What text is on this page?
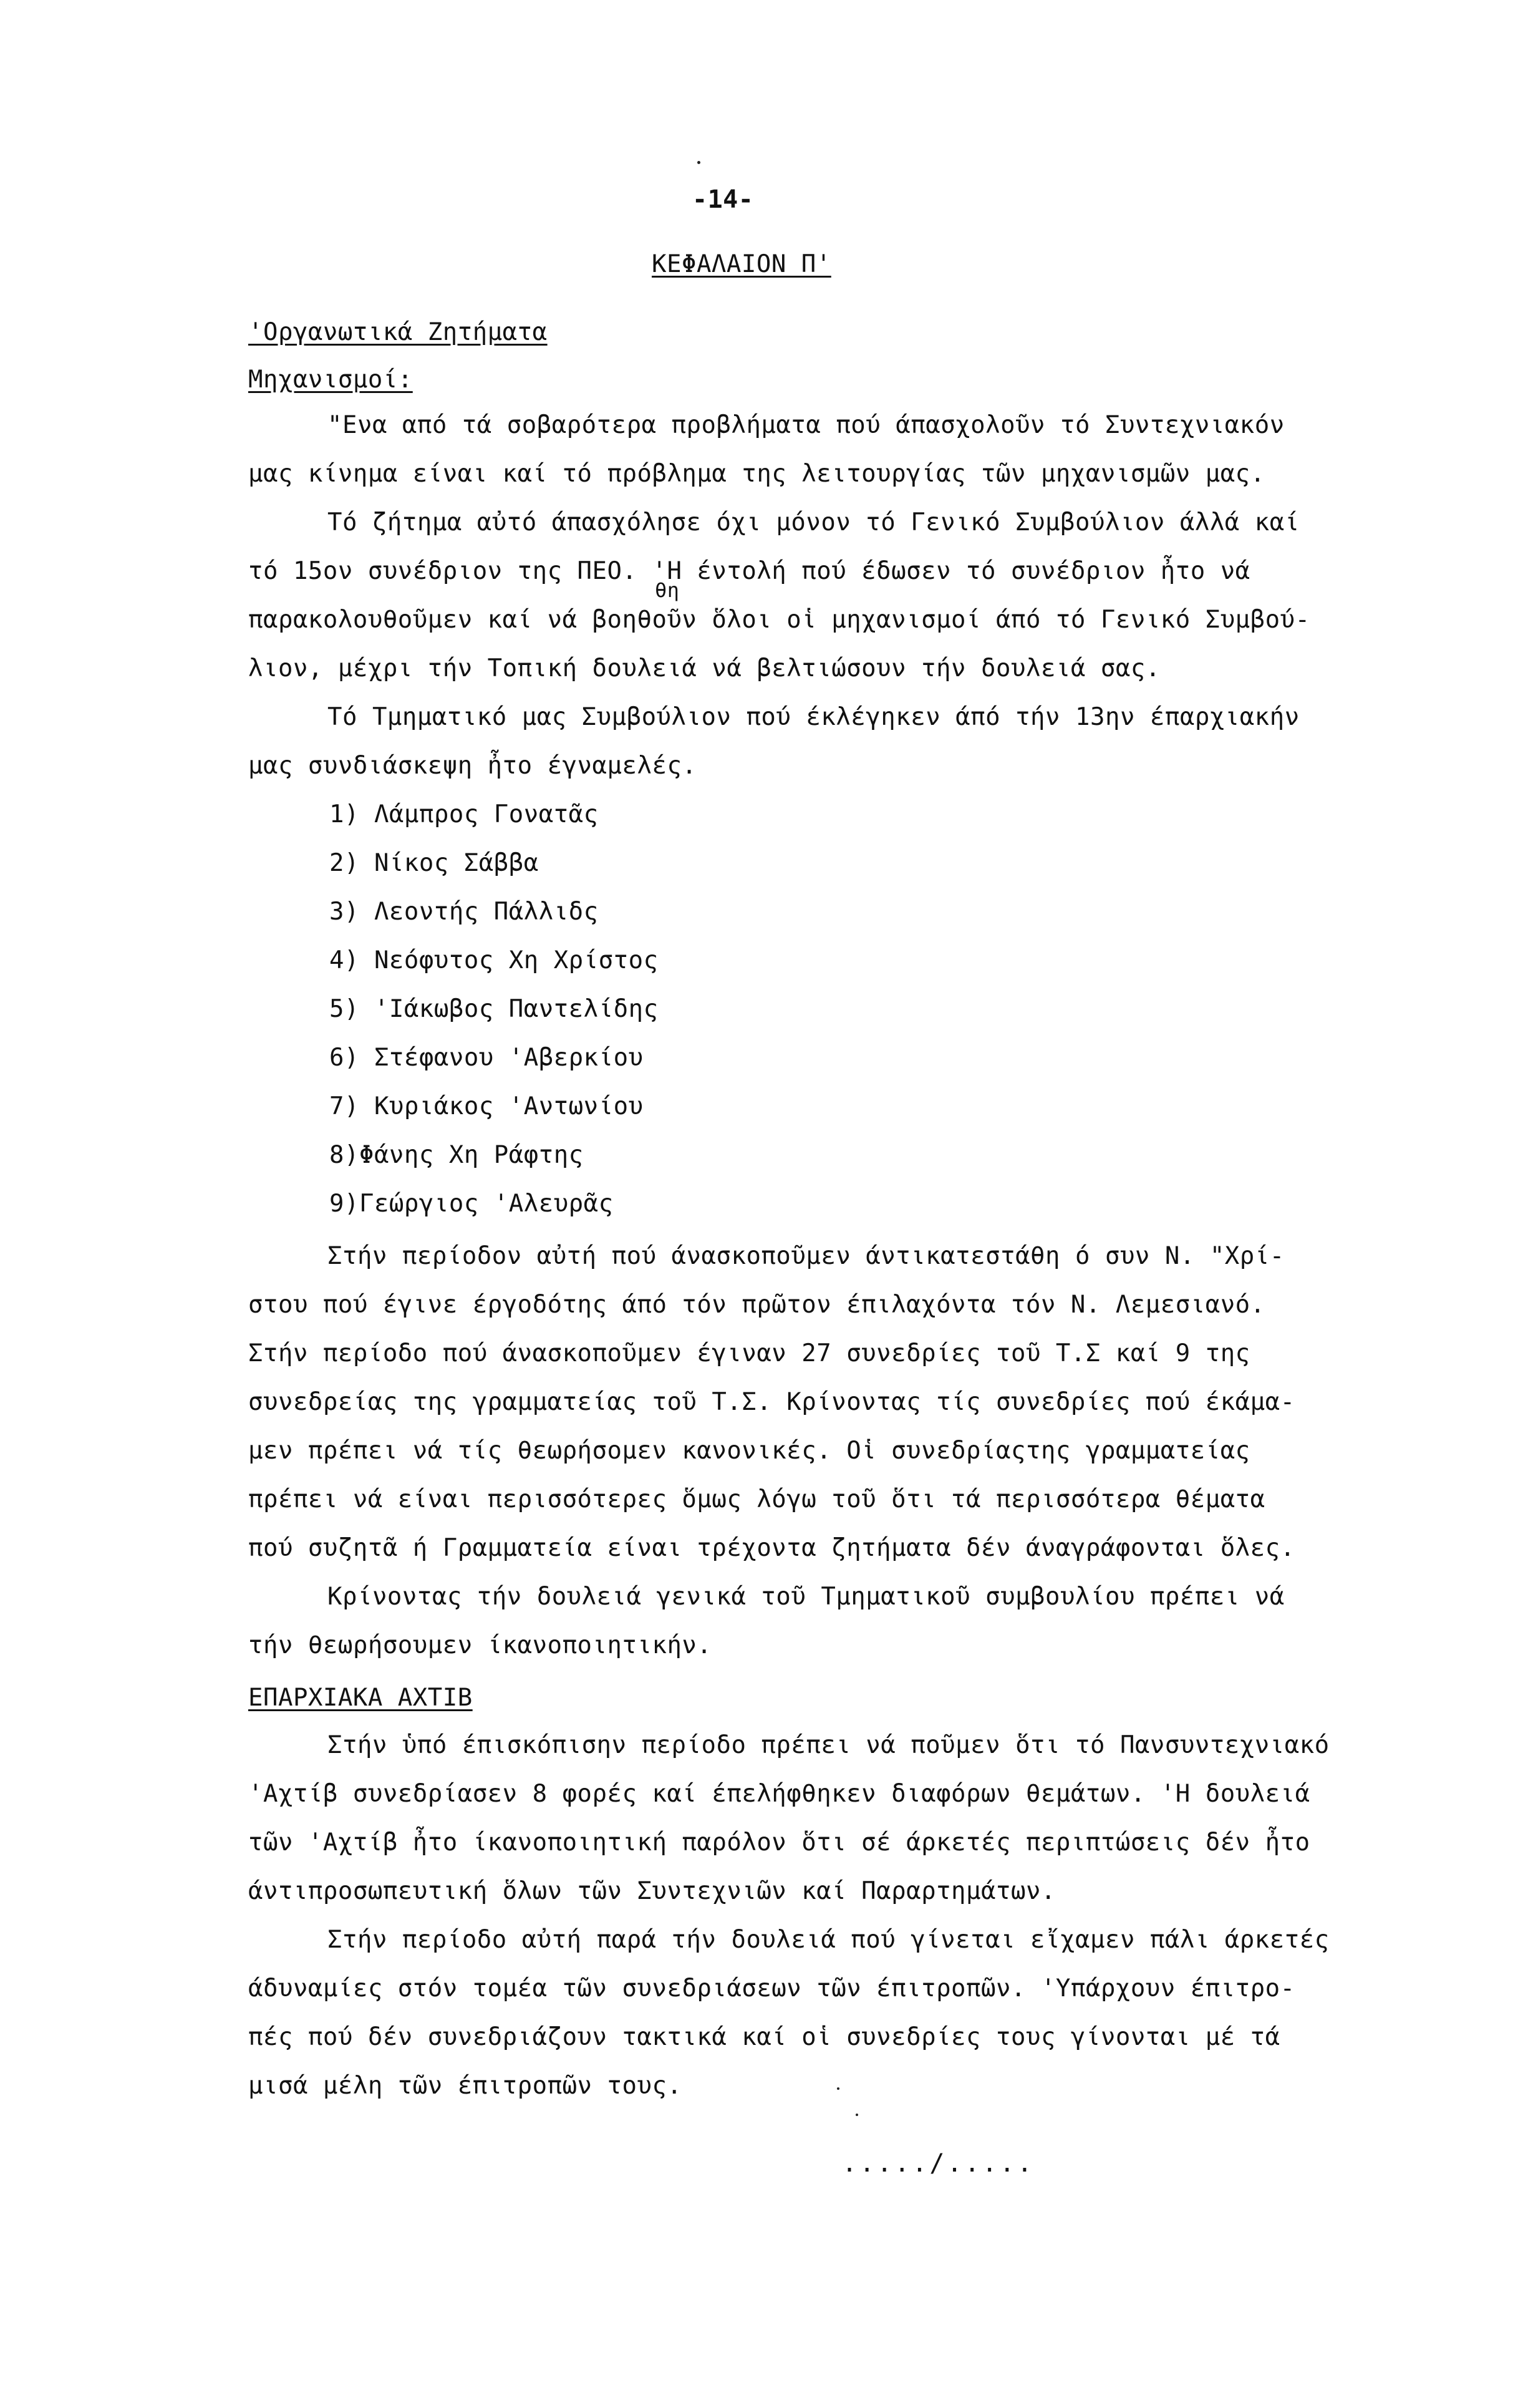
-14-
ΚΕΦΑΛΑΙΟΝ Π'
'Οργανωτικά Ζητήματα
Μηχανισμοί:
"Ενα από τά σοβαρότερα προβλήματα πού άπασχολοῦν τό Συντεχνιακόν
μας κίνημα είναι καί τό πρόβλημα της λειτουργίας τῶν μηχανισμῶν μας.
Τό ζήτημα αὐτό άπασχόλησε όχι μόνον τό Γενικό Συμβούλιον άλλά καί
τό 15ον συνέδριον της ΠΕΟ. 'Η έντολή πού έδωσεν τό συνέδριον ἦτο νά
θη
παρακολουθοῦμεν καί νά βοηθοῦν ὅλοι οἱ μηχανισμοί άπό τό Γενικό Συμβού-
λιον, μέχρι τήν Τοπική δουλειά νά βελτιώσουν τήν δουλειά σας.
Τό Τμηματικό μας Συμβούλιον πού έκλέγηκεν άπό τήν 13ην έπαρχιακήν
μας συνδιάσκεψη ἦτο έγναμελές.
1) Λάμπρος Γονατᾶς
2) Νίκος Σάββα
3) Λεοντής Πάλλιδς
4) Νεόφυτος Χη Χρίστος
5) 'Ιάκωβος Παντελίδης
6) Στέφανου 'Αβερκίου
7) Κυριάκος 'Αντωνίου
8)Φάνης Χη Ράφτης
9)Γεώργιος 'Αλευρᾶς
Στήν περίοδον αὐτή πού άνασκοποῦμεν άντικατεστάθη ό συν Ν. "Χρί-
στου πού έγινε έργοδότης άπό τόν πρῶτον έπιλαχόντα τόν Ν. Λεμεσιανό.
Στήν περίοδο πού άνασκοποῦμεν έγιναν 27 συνεδρίες τοῦ Τ.Σ καί 9 της
συνεδρείας της γραμματείας τοῦ Τ.Σ. Κρίνοντας τίς συνεδρίες πού έκάμα-
μεν πρέπει νά τίς θεωρήσομεν κανονικές. Οἱ συνεδρίαςτης γραμματείας
πρέπει νά είναι περισσότερες ὅμως λόγω τοῦ ὅτι τά περισσότερα θέματα
πού συζητᾶ ή Γραμματεία είναι τρέχοντα ζητήματα δέν άναγράφονται ὅλες.
Κρίνοντας τήν δουλειά γενικά τοῦ Τμηματικοῦ συμβουλίου πρέπει νά
τήν θεωρήσουμεν ίκανοποιητικήν.
ΕΠΑΡΧΙΑΚΑ ΑΧΤΙΒ
Στήν ὑπό έπισκόπισην περίοδο πρέπει νά ποῦμεν ὅτι τό Πανσυντεχνιακό
'Αχτίβ συνεδρίασεν 8 φορές καί έπελήφθηκεν διαφόρων θεμάτων. 'Η δουλειά
τῶν 'Αχτίβ ἦτο ίκανοποιητική παρόλον ὅτι σέ άρκετές περιπτώσεις δέν ἦτο
άντιπροσωπευτική ὅλων τῶν Συντεχνιῶν καί Παραρτημάτων.
Στήν περίοδο αὐτή παρά τήν δουλειά πού γίνεται εἴχαμεν πάλι άρκετές
άδυναμίες στόν τομέα τῶν συνεδριάσεων τῶν έπιτροπῶν. 'Υπάρχουν έπιτρο-
πές πού δέν συνεδριάζουν τακτικά καί οἱ συνεδρίες τους γίνονται μέ τά
μισά μέλη τῶν έπιτροπῶν τους.
...../.....
